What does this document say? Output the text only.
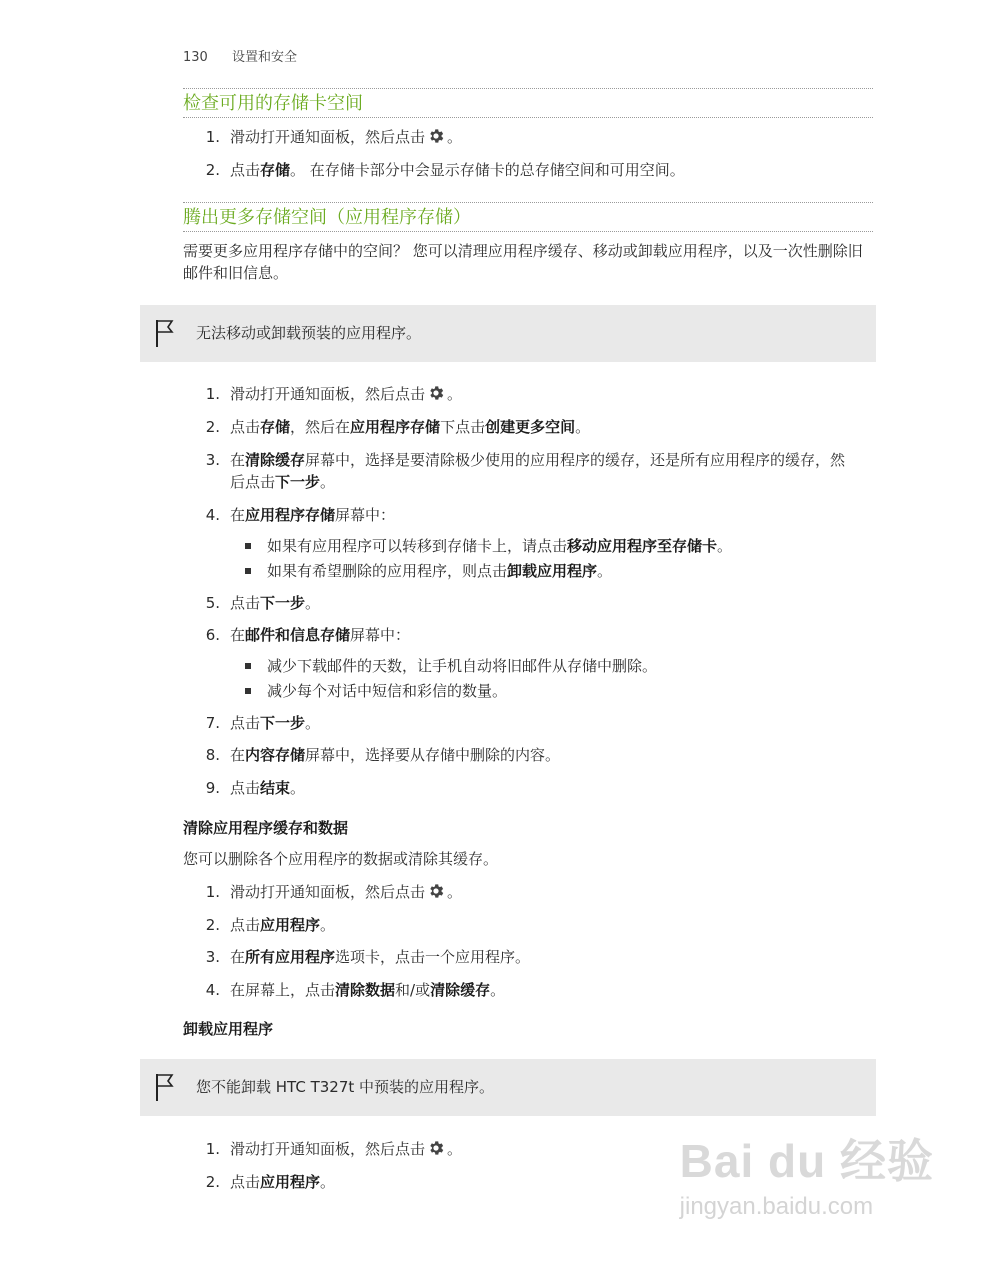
130 设置和安全
检查可用的存储卡空间
1. 滑动打开通知面板，然后点击 。
2. 点击存储。 在存储卡部分中会显示存储卡的总存储空间和可用空间。
腾出更多存储空间（应用程序存储）
需要更多应用程序存储中的空间？ 您可以清理应用程序缓存、移动或卸载应用程序，以及一次性删除旧邮件和旧信息。
无法移动或卸载预装的应用程序。
1. 滑动打开通知面板，然后点击 。
2. 点击存储，然后在应用程序存储下点击创建更多空间。
3. 在清除缓存屏幕中，选择是要清除极少使用的应用程序的缓存，还是所有应用程序的缓存，然后点击下一步。
4. 在应用程序存储屏幕中：
如果有应用程序可以转移到存储卡上，请点击移动应用程序至存储卡。
如果有希望删除的应用程序，则点击卸载应用程序。
5. 点击下一步。
6. 在邮件和信息存储屏幕中：
减少下载邮件的天数，让手机自动将旧邮件从存储中删除。
减少每个对话中短信和彩信的数量。
7. 点击下一步。
8. 在内容存储屏幕中，选择要从存储中删除的内容。
9. 点击结束。
清除应用程序缓存和数据
您可以删除各个应用程序的数据或清除其缓存。
1. 滑动打开通知面板，然后点击 。
2. 点击应用程序。
3. 在所有应用程序选项卡，点击一个应用程序。
4. 在屏幕上，点击清除数据和/或清除缓存。
卸载应用程序
您不能卸载 HTC T327t 中预装的应用程序。
1. 滑动打开通知面板，然后点击 。
2. 点击应用程序。	Bai du 经验
jingyan.baidu.com
